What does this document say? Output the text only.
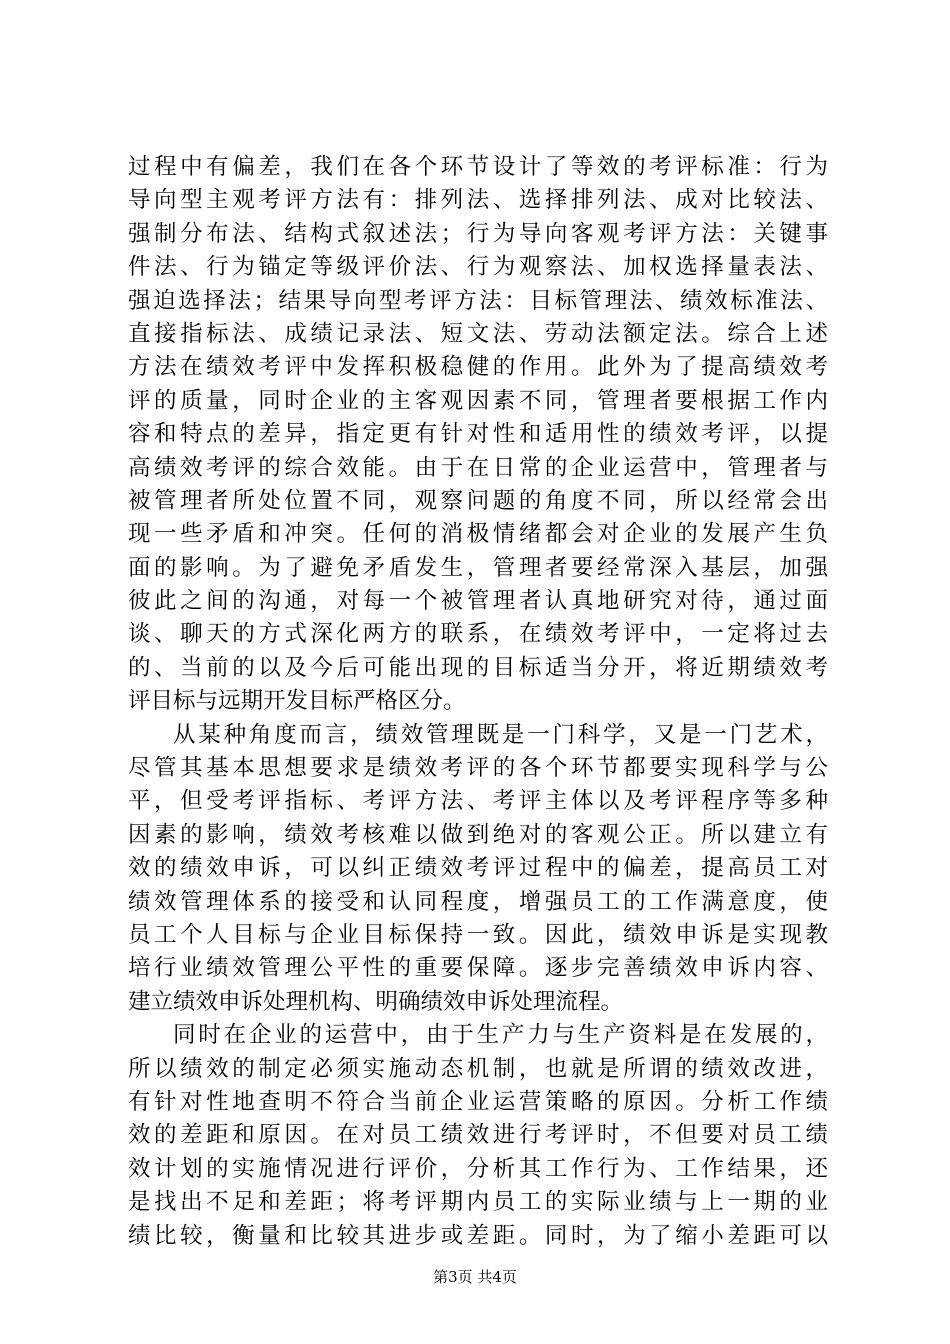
过程中有偏差，我们在各个环节设计了等效的考评标准：行为
导向型主观考评方法有：排列法、选择排列法、成对比较法、
强制分布法、结构式叙述法；行为导向客观考评方法：关键事
件法、行为锚定等级评价法、行为观察法、加权选择量表法、
强迫选择法；结果导向型考评方法：目标管理法、绩效标准法、
直接指标法、成绩记录法、短文法、劳动法额定法。综合上述
方法在绩效考评中发挥积极稳健的作用。此外为了提高绩效考
评的质量，同时企业的主客观因素不同，管理者要根据工作内
容和特点的差异，指定更有针对性和适用性的绩效考评，以提
高绩效考评的综合效能。由于在日常的企业运营中，管理者与
被管理者所处位置不同，观察问题的角度不同，所以经常会出
现一些矛盾和冲突。任何的消极情绪都会对企业的发展产生负
面的影响。为了避免矛盾发生，管理者要经常深入基层，加强
彼此之间的沟通，对每一个被管理者认真地研究对待，通过面
谈、聊天的方式深化两方的联系，在绩效考评中，一定将过去
的、当前的以及今后可能出现的目标适当分开，将近期绩效考
评目标与远期开发目标严格区分。
从某种角度而言，绩效管理既是一门科学，又是一门艺术，
尽管其基本思想要求是绩效考评的各个环节都要实现科学与公
平，但受考评指标、考评方法、考评主体以及考评程序等多种
因素的影响，绩效考核难以做到绝对的客观公正。所以建立有
效的绩效申诉，可以纠正绩效考评过程中的偏差，提高员工对
绩效管理体系的接受和认同程度，增强员工的工作满意度，使
员工个人目标与企业目标保持一致。因此，绩效申诉是实现教
培行业绩效管理公平性的重要保障。逐步完善绩效申诉内容、
建立绩效申诉处理机构、明确绩效申诉处理流程。
同时在企业的运营中，由于生产力与生产资料是在发展的，
所以绩效的制定必须实施动态机制，也就是所谓的绩效改进，
有针对性地查明不符合当前企业运营策略的原因。分析工作绩
效的差距和原因。在对员工绩效进行考评时，不但要对员工绩
效计划的实施情况进行评价，分析其工作行为、工作结果，还
是找出不足和差距；将考评期内员工的实际业绩与上一期的业
绩比较，衡量和比较其进步或差距。同时，为了缩小差距可以
第3页 共4页
